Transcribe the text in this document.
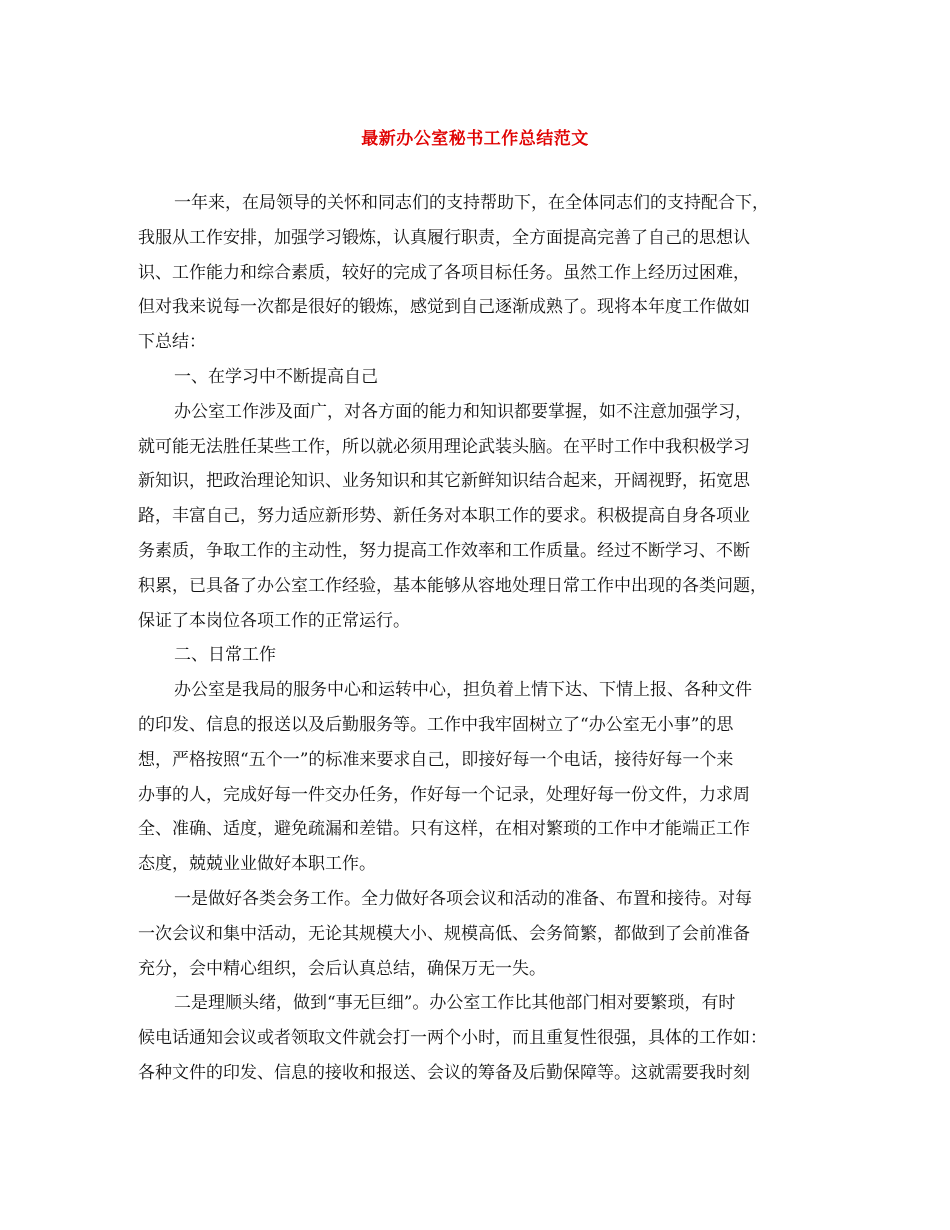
最新办公室秘书工作总结范文
一年来，在局领导的关怀和同志们的支持帮助下，在全体同志们的支持配合下，
我服从工作安排，加强学习锻炼，认真履行职责，全方面提高完善了自己的思想认
识、工作能力和综合素质，较好的完成了各项目标任务。虽然工作上经历过困难，
但对我来说每一次都是很好的锻炼，感觉到自己逐渐成熟了。现将本年度工作做如
下总结：
一、在学习中不断提高自己
办公室工作涉及面广，对各方面的能力和知识都要掌握，如不注意加强学习，
就可能无法胜任某些工作，所以就必须用理论武装头脑。在平时工作中我积极学习
新知识，把政治理论知识、业务知识和其它新鲜知识结合起来，开阔视野，拓宽思
路，丰富自己，努力适应新形势、新任务对本职工作的要求。积极提高自身各项业
务素质，争取工作的主动性，努力提高工作效率和工作质量。经过不断学习、不断
积累，已具备了办公室工作经验，基本能够从容地处理日常工作中出现的各类问题，
保证了本岗位各项工作的正常运行。
二、日常工作
办公室是我局的服务中心和运转中心，担负着上情下达、下情上报、各种文件
的印发、信息的报送以及后勤服务等。工作中我牢固树立了“办公室无小事”的思
想，严格按照“五个一”的标准来要求自己，即接好每一个电话，接待好每一个来
办事的人，完成好每一件交办任务，作好每一个记录，处理好每一份文件，力求周
全、准确、适度，避免疏漏和差错。只有这样，在相对繁琐的工作中才能端正工作
态度，兢兢业业做好本职工作。
一是做好各类会务工作。全力做好各项会议和活动的准备、布置和接待。对每
一次会议和集中活动，无论其规模大小、规模高低、会务简繁，都做到了会前准备
充分，会中精心组织，会后认真总结，确保万无一失。
二是理顺头绪，做到“事无巨细”。办公室工作比其他部门相对要繁琐，有时
候电话通知会议或者领取文件就会打一两个小时，而且重复性很强，具体的工作如：
各种文件的印发、信息的接收和报送、会议的筹备及后勤保障等。这就需要我时刻
